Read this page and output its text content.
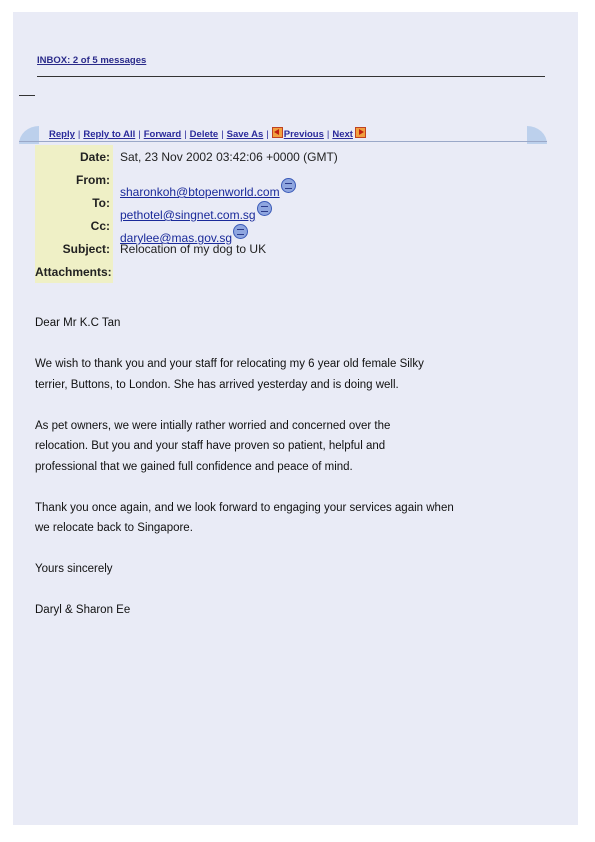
INBOX: 2 of 5 messages
Reply | Reply to All | Forward | Delete | Save As | Previous | Next
Date: Sat, 23 Nov 2002 03:42:06 +0000 (GMT)
From:
sharonkoh@btopenworld.com
To:
pethotel@singnet.com.sg
Cc:
darylee@mas.gov.sg
Subject: Relocation of my dog to UK
Attachments:

Dear Mr K.C Tan

We wish to thank you and your staff for relocating my 6 year old female Silky
terrier, Buttons, to London. She has arrived yesterday and is doing well.

As pet owners, we were intially rather worried and concerned over the
relocation. But you and your staff have proven so patient, helpful and
professional that we gained full confidence and peace of mind.

Thank you once again, and we look forward to engaging your services again when
we relocate back to Singapore.

Yours sincerely

Daryl & Sharon Ee
